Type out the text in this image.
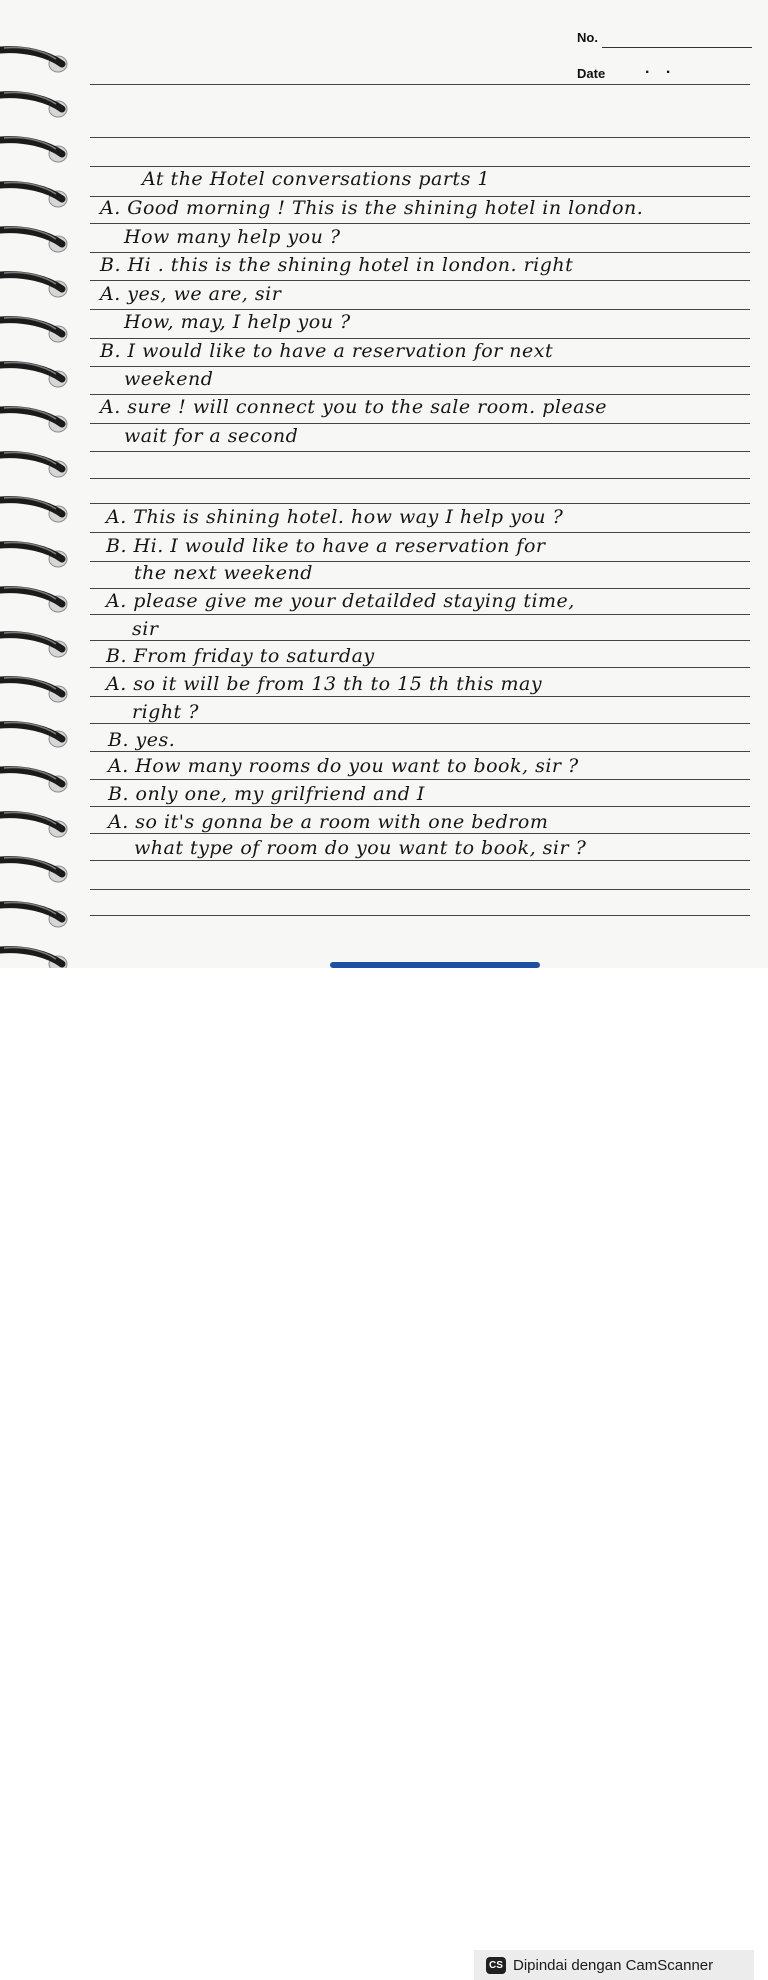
No.
Date . .
At the Hotel conversations parts 1
A. Good morning ! This is the shining hotel in london.
How many help you ?
B. Hi . this is the shining hotel in london. right
A. yes, we are, sir
How, may, I help you ?
B. I would like to have a reservation for next
weekend
A. sure ! will connect you to the sale room. please
wait for a second
A. This is shining hotel. how way I help you ?
B. Hi. I would like to have a reservation for
the next weekend
A. please give me your detailded staying time,
sir
B. From friday to saturday
A. so it will be from 13 th to 15 th this may
right ?
B. yes.
A. How many rooms do you want to book, sir ?
B. only one, my grilfriend and I
A. so it's gonna be a room with one bedrom
what type of room do you want to book, sir ?
CS Dipindai dengan CamScanner
